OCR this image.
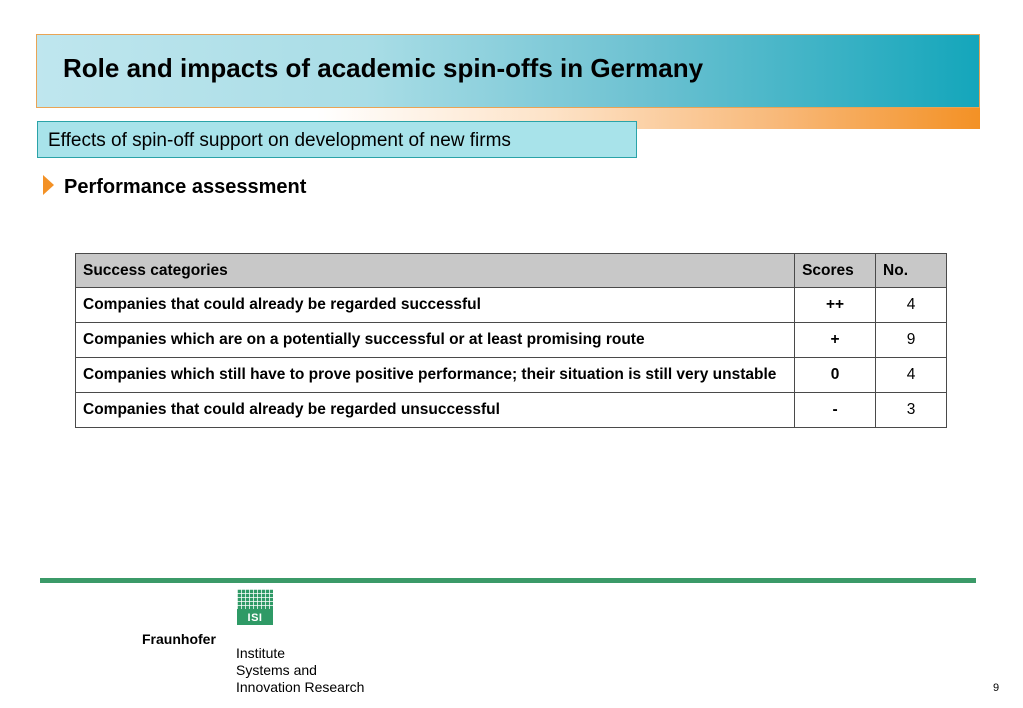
Role and impacts of academic spin-offs in Germany
Effects of spin-off support on development of new firms
Performance assessment
Success categories	Scores	No.
Companies that could already be regarded successful	++	4
Companies which are on a potentially successful or at least promising route	+	9
Companies which still have to prove positive performance; their situation is still very unstable	0	4
Companies that could already be regarded unsuccessful	-	3
ISI
Fraunhofer
Institute
Systems and
Innovation Research	9
